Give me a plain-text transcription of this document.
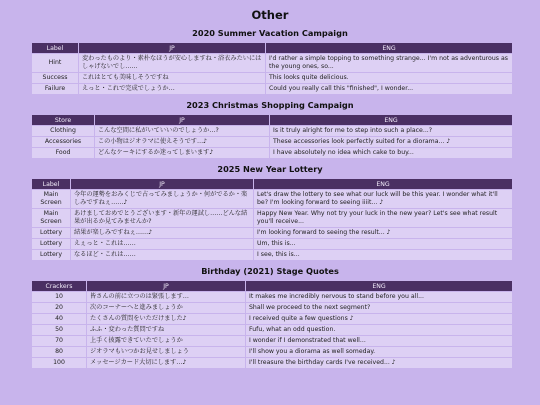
Other
2020 Summer Vacation Campaign
Label	JP	ENG
Hint	変わったものより・素朴なほうが安心しますね・浴衣みたいにはしゃげないでし……	I'd rather a simple topping to something strange... I'm not as adventurous as the young ones, so...
Success	これはとても美味しそうですね	This looks quite delicious.
Failure	えっと・これで完成でしょうか…	Could you really call this "finished", I wonder...
2023 Christmas Shopping Campaign
Store	JP	ENG
Clothing	こんな空間に私がいていいのでしょうか…?	Is it truly alright for me to step into such a place...?
Accessories	この小物はジオラマに使えそうです…♪	These accessories look perfectly suited for a diorama... ♪
Food	どんなケーキにするか迷ってしまいます♪	I have absolutely no idea which cake to buy...
2025 New Year Lottery
Label	JP	ENG
Main Screen	今年の運勢をおみくじで占ってみましょうか・何がでるか・楽しみですねぇ……♪	Let's draw the lottery to see what our luck will be this year. I wonder what it'll be? I'm looking forward to seeing iiiit... ♪
Main Screen	あけましておめでとうございます・新年の運試し……どんな結果が出るか見てみませんか?	Happy New Year. Why not try your luck in the new year? Let's see what result you'll receive...
Lottery	結果が楽しみですねぇ……♪	I'm looking forward to seeing the result... ♪
Lottery	えぇっと・これは……	Um, this is...
Lottery	なるほど・これは……	I see, this is...
Birthday (2021) Stage Quotes
Crackers	JP	ENG
10	皆さんの前に立つのは緊張します…	It makes me incredibly nervous to stand before you all...
20	次のコーナーへと進みましょうか	Shall we proceed to the next segment?
40	たくさんの質問をいただけました♪	I received quite a few questions ♪
50	ふふ・変わった質問ですね	Fufu, what an odd question.
70	上手く披露できていたでしょうか	I wonder if I demonstrated that well...
80	ジオラマもいつかお見せしましょう	I'll show you a diorama as well someday.
100	メッセージカード大切にします…♪	I'll treasure the birthday cards I've received... ♪
